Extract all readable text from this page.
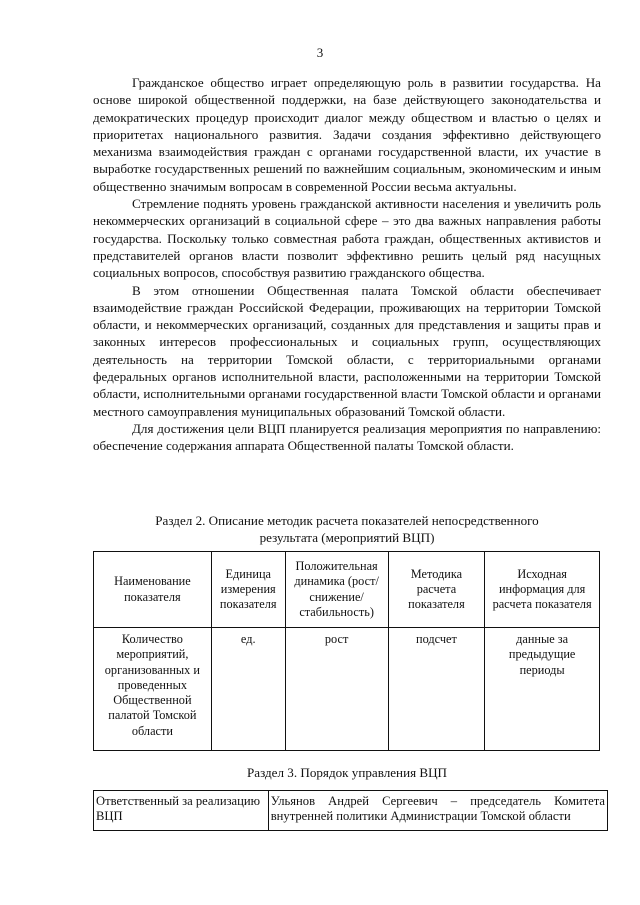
3

Гражданское общество играет определяющую роль в развитии государства. На основе широкой общественной поддержки, на базе действующего законодательства и демократических процедур происходит диалог между обществом и властью о целях и приоритетах национального развития. Задачи создания эффективно действующего механизма взаимодействия граждан с органами государственной власти, их участие в выработке государственных решений по важнейшим социальным, экономическим и иным общественно значимым вопросам в современной России весьма актуальны.

Стремление поднять уровень гражданской активности населения и увеличить роль некоммерческих организаций в социальной сфере – это два важных направления работы государства. Поскольку только совместная работа граждан, общественных активистов и представителей органов власти позволит эффективно решить целый ряд насущных социальных вопросов, способствуя развитию гражданского общества.

В этом отношении Общественная палата Томской области обеспечивает взаимодействие граждан Российской Федерации, проживающих на территории Томской области, и некоммерческих организаций, созданных для представления и защиты прав и законных интересов профессиональных и социальных групп, осуществляющих деятельность на территории Томской области, с территориальными органами федеральных органов исполнительной власти, расположенными на территории Томской области, исполнительными органами государственной власти Томской области и органами местного самоуправления муниципальных образований Томской области.

Для достижения цели ВЦП планируется реализация мероприятия по направлению: обеспечение содержания аппарата Общественной палаты Томской области.

Раздел 2. Описание методик расчета показателей непосредственного
результата (мероприятий ВЦП)
Наименование показателя	Единица измерения показателя	Положительная динамика (рост/снижение/ стабильность)	Методика расчета показателя	Исходная информация для расчета показателя
Количество мероприятий, организованных и проведенных Общественной палатой Томской области	ед.	рост	подсчет	данные за предыдущие периоды
Раздел 3. Порядок управления ВЦП
Ответственный за реализацию ВЦП	Ульянов Андрей Сергеевич – председатель Комитета внутренней политики Администрации Томской области
